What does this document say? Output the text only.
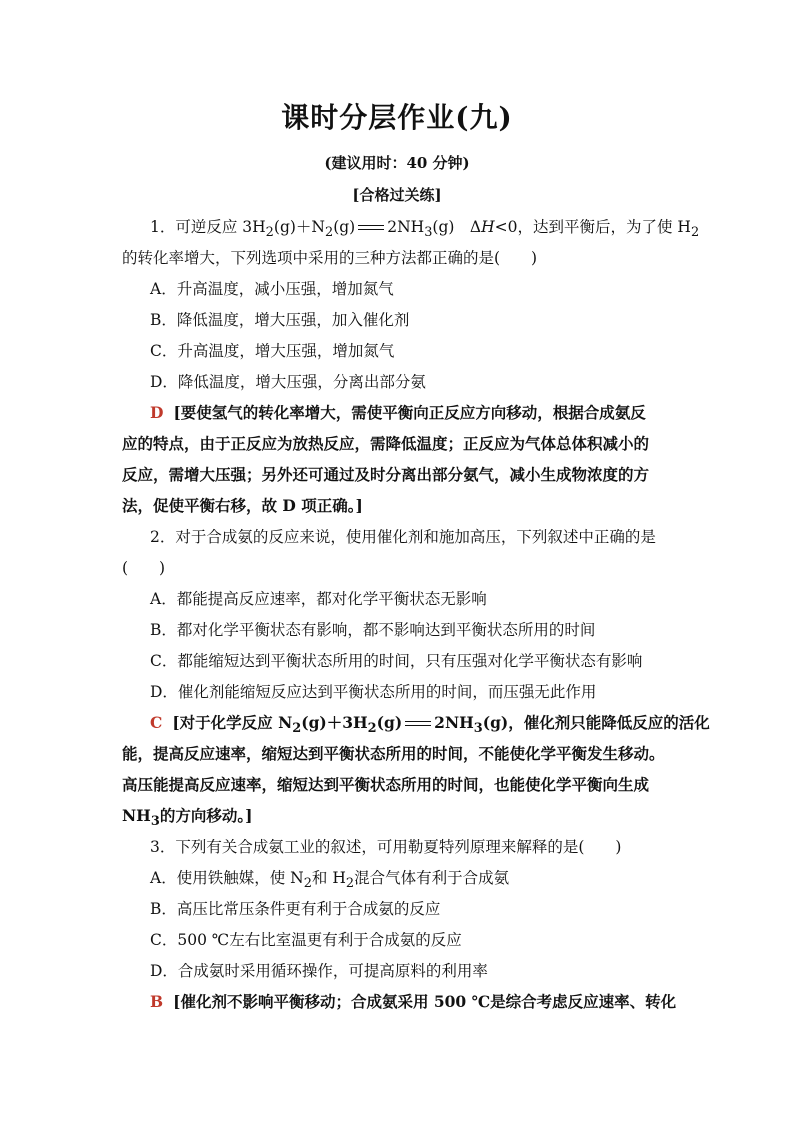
课时分层作业(九)
(建议用时：40 分钟)
[合格过关练]
1．可逆反应 $3H_2(g)+N_2(g)$ $2NH_3(g)$　ΔH<0，达到平衡后，为了使 $H_2$
的转化率增大，下列选项中采用的三种方法都正确的是(　　)
A．升高温度，减小压强，增加氮气
B．降低温度，增大压强，加入催化剂
C．升高温度，增大压强，增加氮气
D．降低温度，增大压强，分离出部分氨
D [要使氢气的转化率增大，需使平衡向正反应方向移动，根据合成氨反
应的特点，由于正反应为放热反应，需降低温度；正反应为气体总体积减小的
反应，需增大压强；另外还可通过及时分离出部分氨气，减小生成物浓度的方
法，促使平衡右移，故 D 项正确。]
2．对于合成氨的反应来说，使用催化剂和施加高压，下列叙述中正确的是
(　　)
A．都能提高反应速率，都对化学平衡状态无影响
B．都对化学平衡状态有影响，都不影响达到平衡状态所用的时间
C．都能缩短达到平衡状态所用的时间，只有压强对化学平衡状态有影响
D．催化剂能缩短反应达到平衡状态所用的时间，而压强无此作用
C [对于化学反应 $N_2(g)+3H_2(g)$ $2NH_3(g)$，催化剂只能降低反应的活化
能，提高反应速率，缩短达到平衡状态所用的时间，不能使化学平衡发生移动。
高压能提高反应速率，缩短达到平衡状态所用的时间，也能使化学平衡向生成
$NH_3$的方向移动。]
3．下列有关合成氨工业的叙述，可用勒夏特列原理来解释的是(　　)
A．使用铁触媒，使 $N_2$和 $H_2$混合气体有利于合成氨
B．高压比常压条件更有利于合成氨的反应
C．500 ℃左右比室温更有利于合成氨的反应
D．合成氨时采用循环操作，可提高原料的利用率
B [催化剂不影响平衡移动；合成氨采用 500 ℃是综合考虑反应速率、转化
